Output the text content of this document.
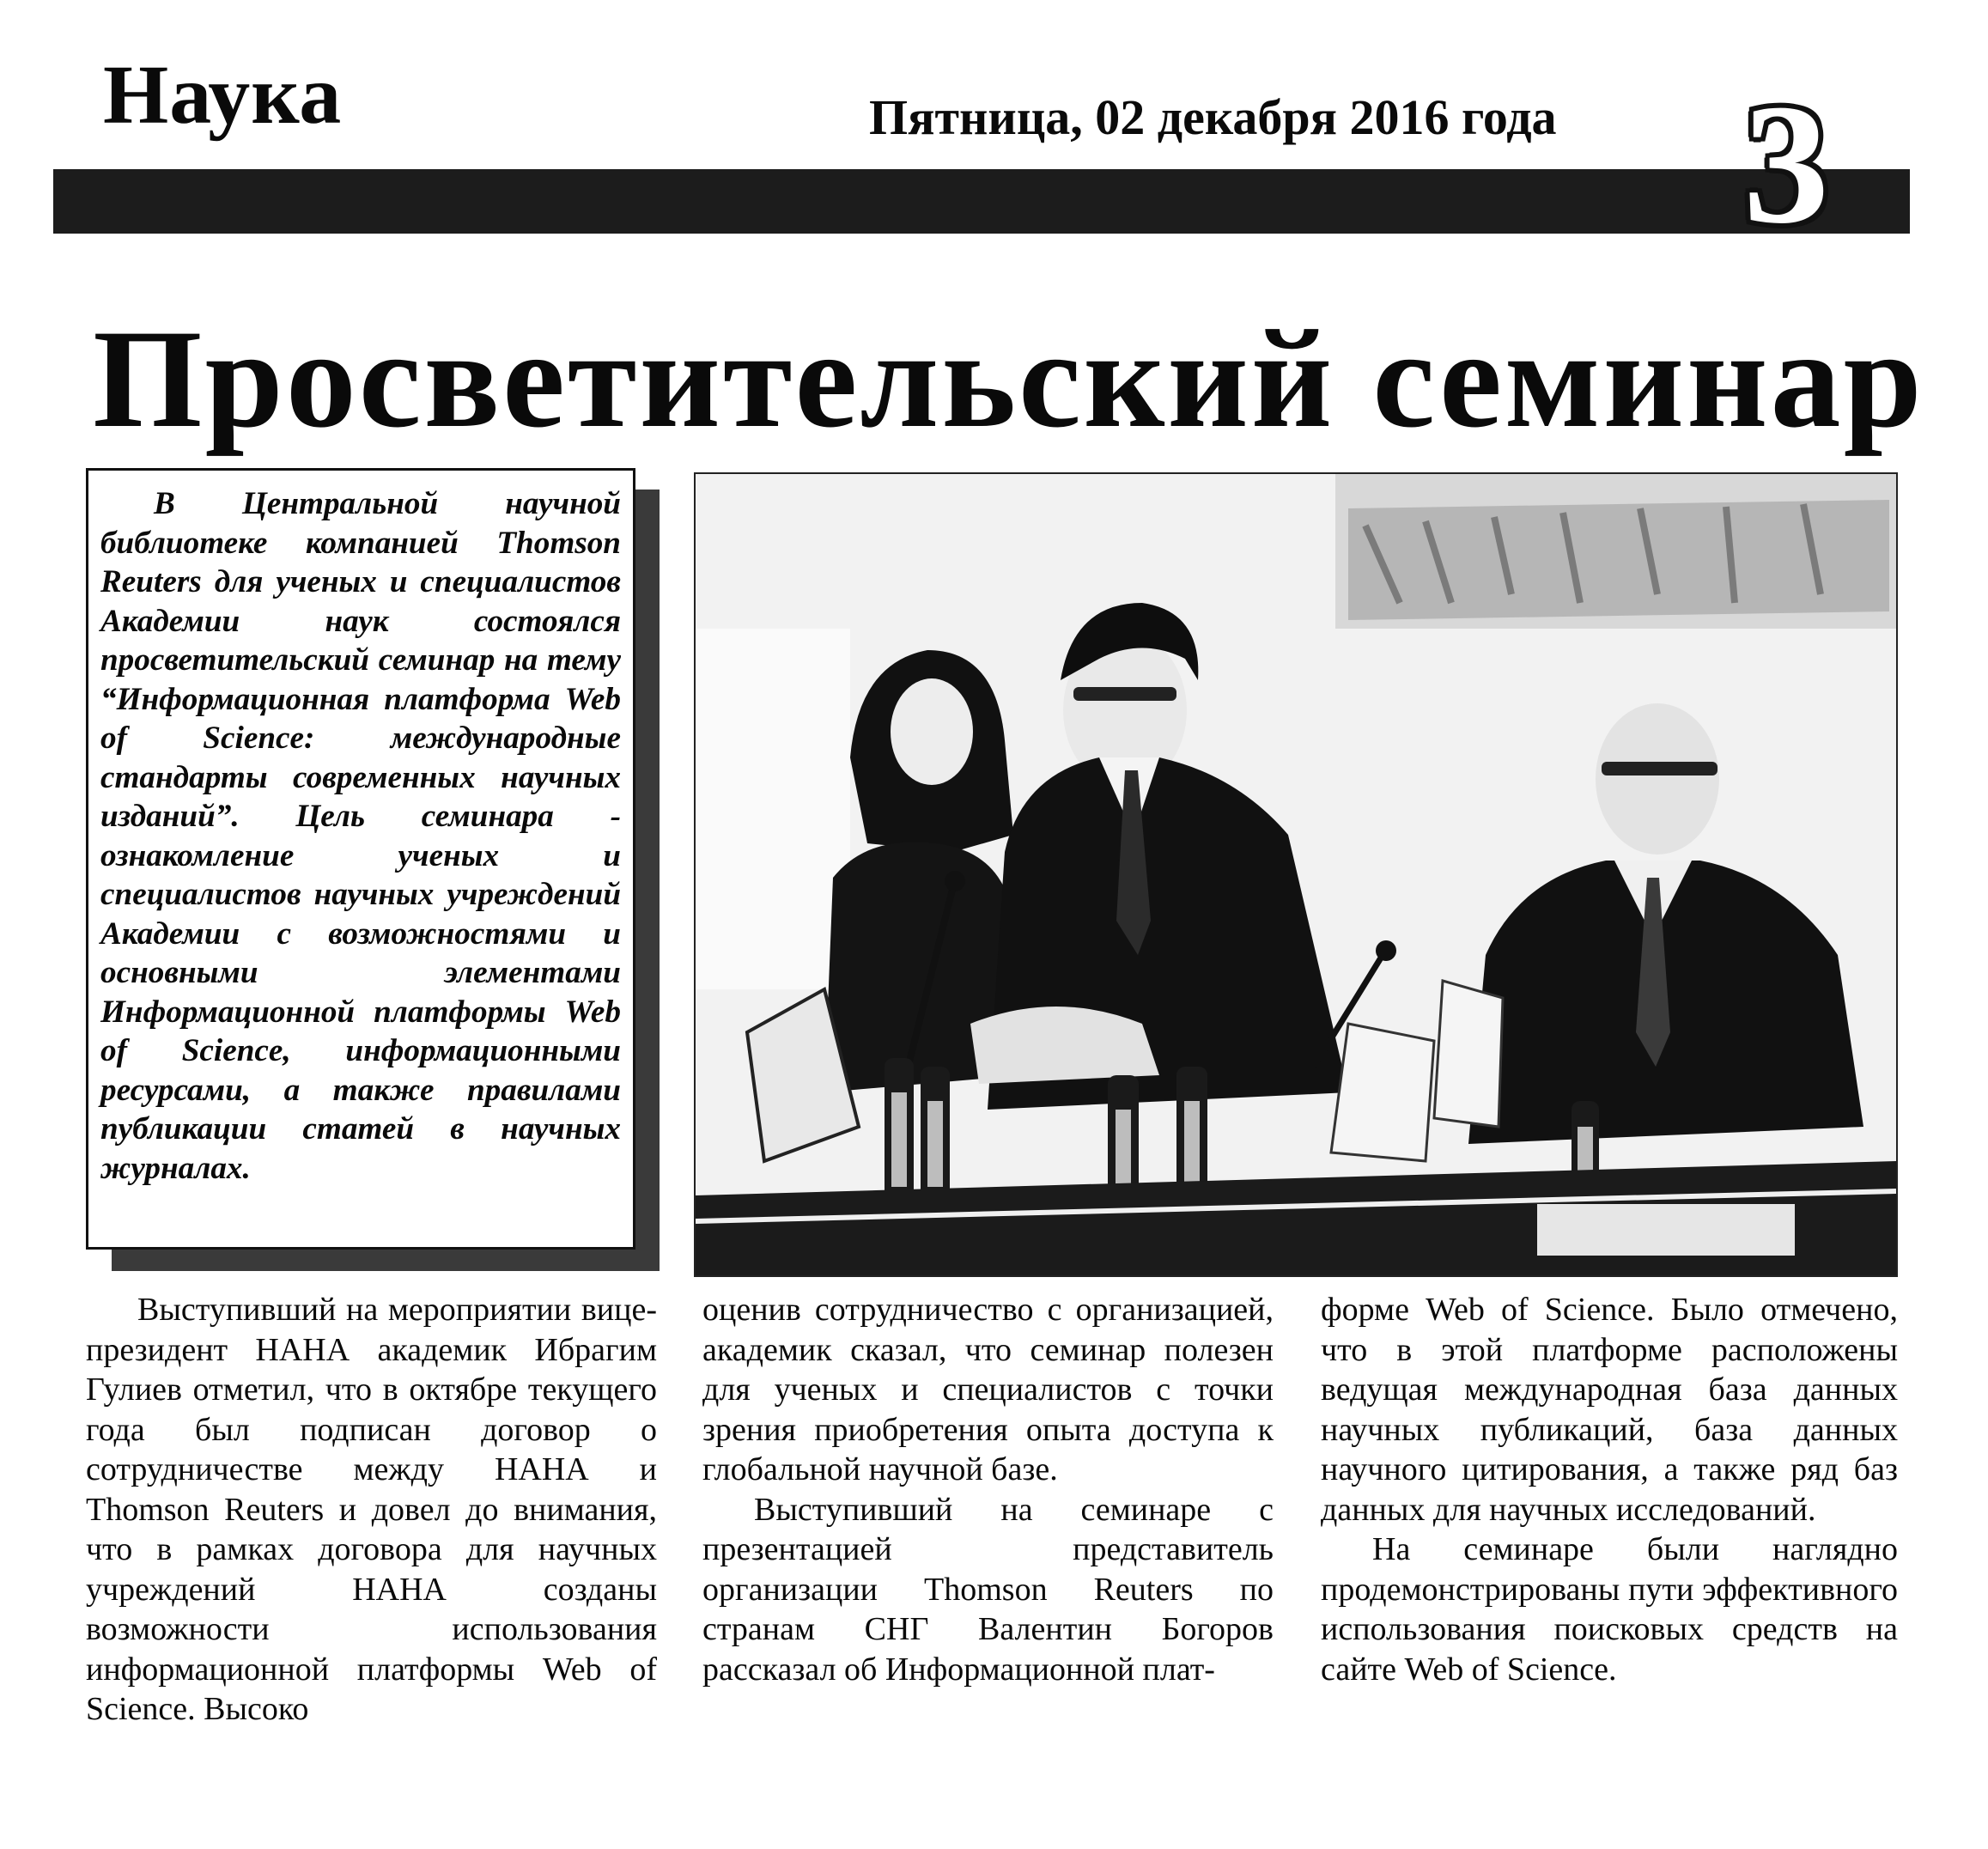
Наука	Пятница, 02 декабря 2016 года 3
Просветительский семинар

В Центральной научной библиотеке компанией Thomson Reuters для ученых и специалистов Академии наук состоялся просветительский семинар на тему “Информационная платформа Web of Science: международные стандарты современных научных изданий”. Цель семинара - ознакомление ученых и специалистов научных учреждений Академии с возможностями и основными элементами Информационной платформы Web of Science, информационными ресурсами, а также правилами публикации статей в научных журналах.

Выступивший на мероприятии вице-президент НАНА академик Ибрагим Гулиев отметил, что в октябре текущего года был подписан договор о сотрудничестве между НАНА и Thomson Reuters и довел до внимания, что в рамках договора для научных учреждений НАНА созданы возможности использования информационной платформы Web of Science. Высоко

оценив сотрудничество с организацией, академик сказал, что семинар полезен для ученых и специалистов с точки зрения приобретения опыта доступа к глобальной научной базе.

Выступивший на семинаре с презентацией представитель организации Thomson Reuters по странам СНГ Валентин Богоров рассказал об Информационной плат-

форме Web of Science. Было отмечено, что в этой платформе расположены ведущая международная база данных научных публикаций, база данных научного цитирования, а также ряд баз данных для научных исследований.

На семинаре были наглядно продемонстрированы пути эффективного использования поисковых средств на сайте Web of Science.
